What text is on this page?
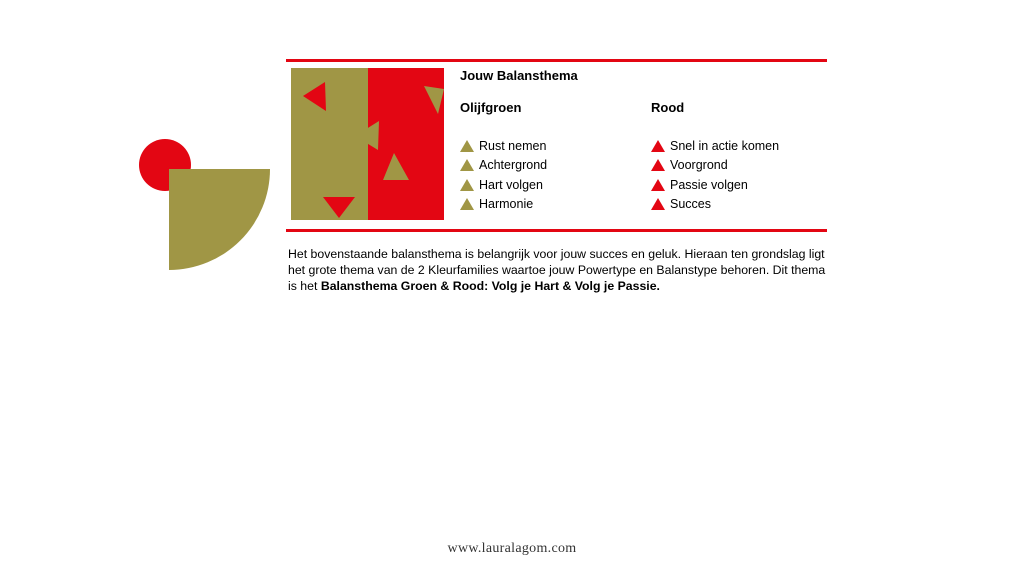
Jouw Balansthema
Olijfgroen
Rust nemen
Achtergrond
Hart volgen
Harmonie
Rood
Snel in actie komen
Voorgrond
Passie volgen
Succes

Het bovenstaande balansthema is belangrijk voor jouw succes en geluk. Hieraan ten grondslag ligt het grote thema van de 2 Kleurfamilies waartoe jouw Powertype en Balanstype behoren. Dit thema is het Balansthema Groen & Rood: Volg je Hart & Volg je Passie.

www.lauralagom.com
